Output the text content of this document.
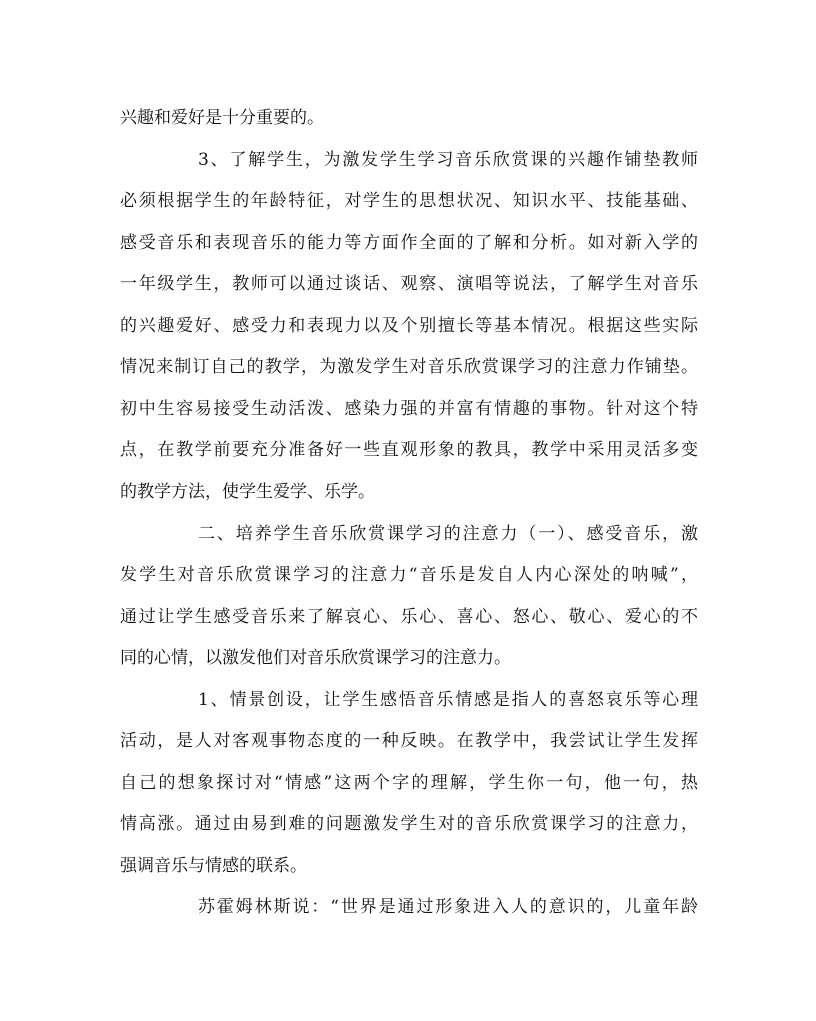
兴趣和爱好是十分重要的。
3、了解学生，为激发学生学习音乐欣赏课的兴趣作铺垫教师
必须根据学生的年龄特征，对学生的思想状况、知识水平、技能基础、
感受音乐和表现音乐的能力等方面作全面的了解和分析。如对新入学的
一年级学生，教师可以通过谈话、观察、演唱等说法，了解学生对音乐
的兴趣爱好、感受力和表现力以及个别擅长等基本情况。根据这些实际
情况来制订自己的教学，为激发学生对音乐欣赏课学习的注意力作铺垫。
初中生容易接受生动活泼、感染力强的并富有情趣的事物。针对这个特
点，在教学前要充分准备好一些直观形象的教具，教学中采用灵活多变
的教学方法，使学生爱学、乐学。
二、培养学生音乐欣赏课学习的注意力（一）、感受音乐，激
发学生对音乐欣赏课学习的注意力“音乐是发自人内心深处的呐喊”，
通过让学生感受音乐来了解哀心、乐心、喜心、怒心、敬心、爱心的不
同的心情，以激发他们对音乐欣赏课学习的注意力。
1、情景创设，让学生感悟音乐情感是指人的喜怒哀乐等心理
活动，是人对客观事物态度的一种反映。在教学中，我尝试让学生发挥
自己的想象探讨对“情感”这两个字的理解，学生你一句，他一句，热
情高涨。通过由易到难的问题激发学生对的音乐欣赏课学习的注意力，
强调音乐与情感的联系。
苏霍姆林斯说：“世界是通过形象进入人的意识的，儿童年龄
